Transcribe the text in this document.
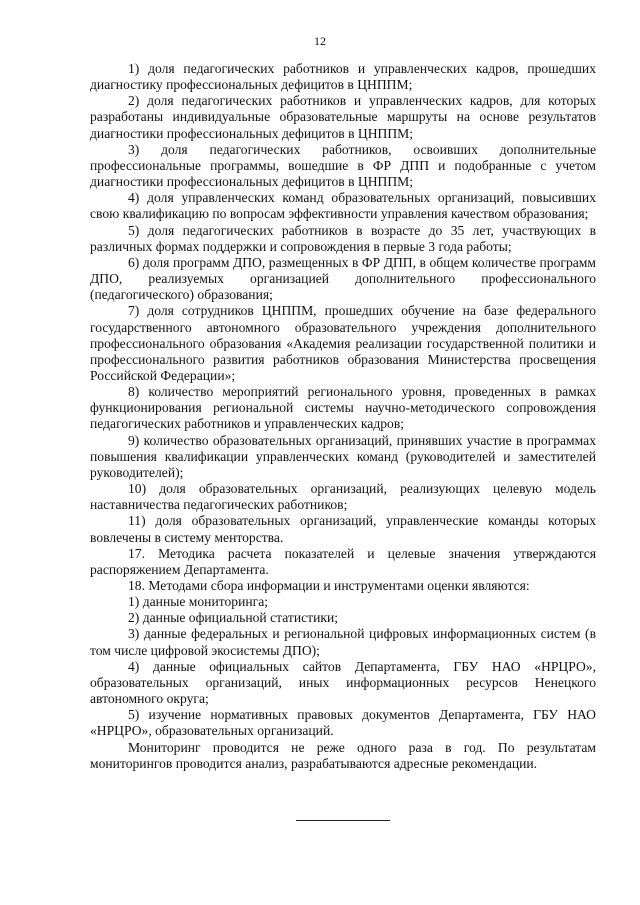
12

1) доля педагогических работников и управленческих кадров, прошедших диагностику профессиональных дефицитов в ЦНППМ;

2) доля педагогических работников и управленческих кадров, для которых разработаны индивидуальные образовательные маршруты на основе результатов диагностики профессиональных дефицитов в ЦНППМ;

3) доля педагогических работников, освоивших дополнительные профессиональные программы, вошедшие в ФР ДПП и подобранные с учетом диагностики профессиональных дефицитов в ЦНППМ;

4) доля управленческих команд образовательных организаций, повысивших свою квалификацию по вопросам эффективности управления качеством образования;

5) доля педагогических работников в возрасте до 35 лет, участвующих в различных формах поддержки и сопровождения в первые 3 года работы;

6) доля программ ДПО, размещенных в ФР ДПП, в общем количестве программ ДПО, реализуемых организацией дополнительного профессионального (педагогического) образования;

7) доля сотрудников ЦНППМ, прошедших обучение на базе федерального государственного автономного образовательного учреждения дополнительного профессионального образования «Академия реализации государственной политики и профессионального развития работников образования Министерства просвещения Российской Федерации»;

8) количество мероприятий регионального уровня, проведенных в рамках функционирования региональной системы научно-методического сопровождения педагогических работников и управленческих кадров;

9) количество образовательных организаций, принявших участие в программах повышения квалификации управленческих команд (руководителей и заместителей руководителей);

10) доля образовательных организаций, реализующих целевую модель наставничества педагогических работников;

11) доля образовательных организаций, управленческие команды которых вовлечены в систему менторства.

17. Методика расчета показателей и целевые значения утверждаются распоряжением Департамента.

18. Методами сбора информации и инструментами оценки являются:

1) данные мониторинга;

2) данные официальной статистики;

3) данные федеральных и региональной цифровых информационных систем (в том числе цифровой экосистемы ДПО);

4) данные официальных сайтов Департамента, ГБУ НАО «НРЦРО», образовательных организаций, иных информационных ресурсов Ненецкого автономного округа;

5) изучение нормативных правовых документов Департамента, ГБУ НАО «НРЦРО», образовательных организаций.

Мониторинг проводится не реже одного раза в год. По результатам мониторингов проводится анализ, разрабатываются адресные рекомендации.
